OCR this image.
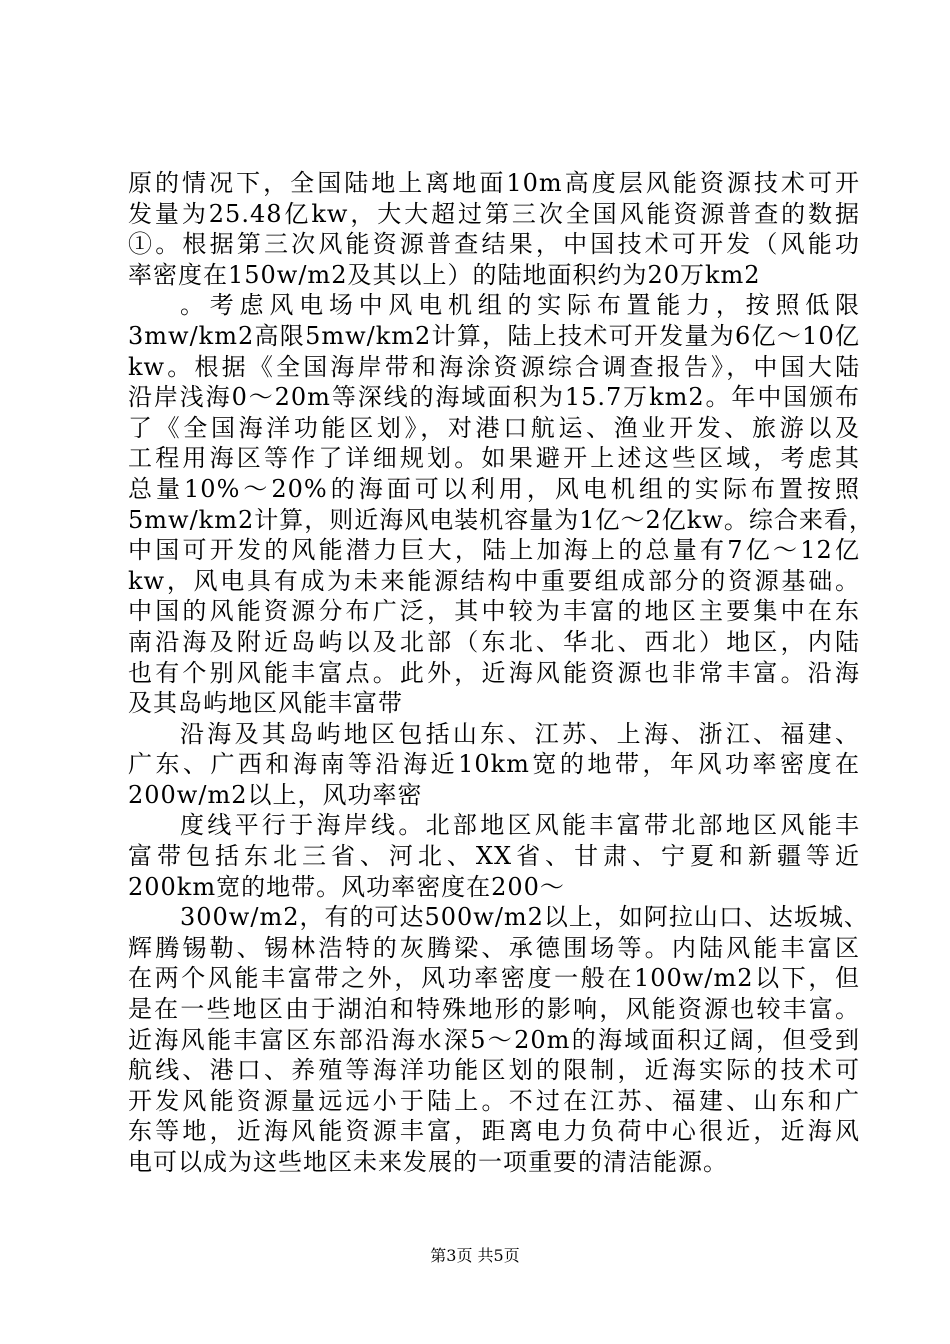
原的情况下，全国陆地上离地面10m高度层风能资源技术可开
发量为25.48亿kw，大大超过第三次全国风能资源普查的数据
①。根据第三次风能资源普查结果，中国技术可开发（风能功
率密度在150w/m2及其以上）的陆地面积约为20万km2
。考虑风电场中风电机组的实际布置能力，按照低限
3mw/km2高限5mw/km2计算，陆上技术可开发量为6亿～10亿
kw。根据《全国海岸带和海涂资源综合调查报告》，中国大陆
沿岸浅海0～20m等深线的海域面积为15.7万km2。年中国颁布
了《全国海洋功能区划》，对港口航运、渔业开发、旅游以及
工程用海区等作了详细规划。如果避开上述这些区域，考虑其
总量10%～20%的海面可以利用，风电机组的实际布置按照
5mw/km2计算，则近海风电装机容量为1亿～2亿kw。综合来看，
中国可开发的风能潜力巨大，陆上加海上的总量有7亿～12亿
kw，风电具有成为未来能源结构中重要组成部分的资源基础。
中国的风能资源分布广泛，其中较为丰富的地区主要集中在东
南沿海及附近岛屿以及北部（东北、华北、西北）地区，内陆
也有个别风能丰富点。此外，近海风能资源也非常丰富。沿海
及其岛屿地区风能丰富带
沿海及其岛屿地区包括山东、江苏、上海、浙江、福建、
广东、广西和海南等沿海近10km宽的地带，年风功率密度在
200w/m2以上，风功率密
度线平行于海岸线。北部地区风能丰富带北部地区风能丰
富带包括东北三省、河北、XX省、甘肃、宁夏和新疆等近
200km宽的地带。风功率密度在200～
300w/m2，有的可达500w/m2以上，如阿拉山口、达坂城、
辉腾锡勒、锡林浩特的灰腾梁、承德围场等。内陆风能丰富区
在两个风能丰富带之外，风功率密度一般在100w/m2以下，但
是在一些地区由于湖泊和特殊地形的影响，风能资源也较丰富。
近海风能丰富区东部沿海水深5～20m的海域面积辽阔，但受到
航线、港口、养殖等海洋功能区划的限制，近海实际的技术可
开发风能资源量远远小于陆上。不过在江苏、福建、山东和广
东等地，近海风能资源丰富，距离电力负荷中心很近，近海风
电可以成为这些地区未来发展的一项重要的清洁能源。
第3页 共5页
